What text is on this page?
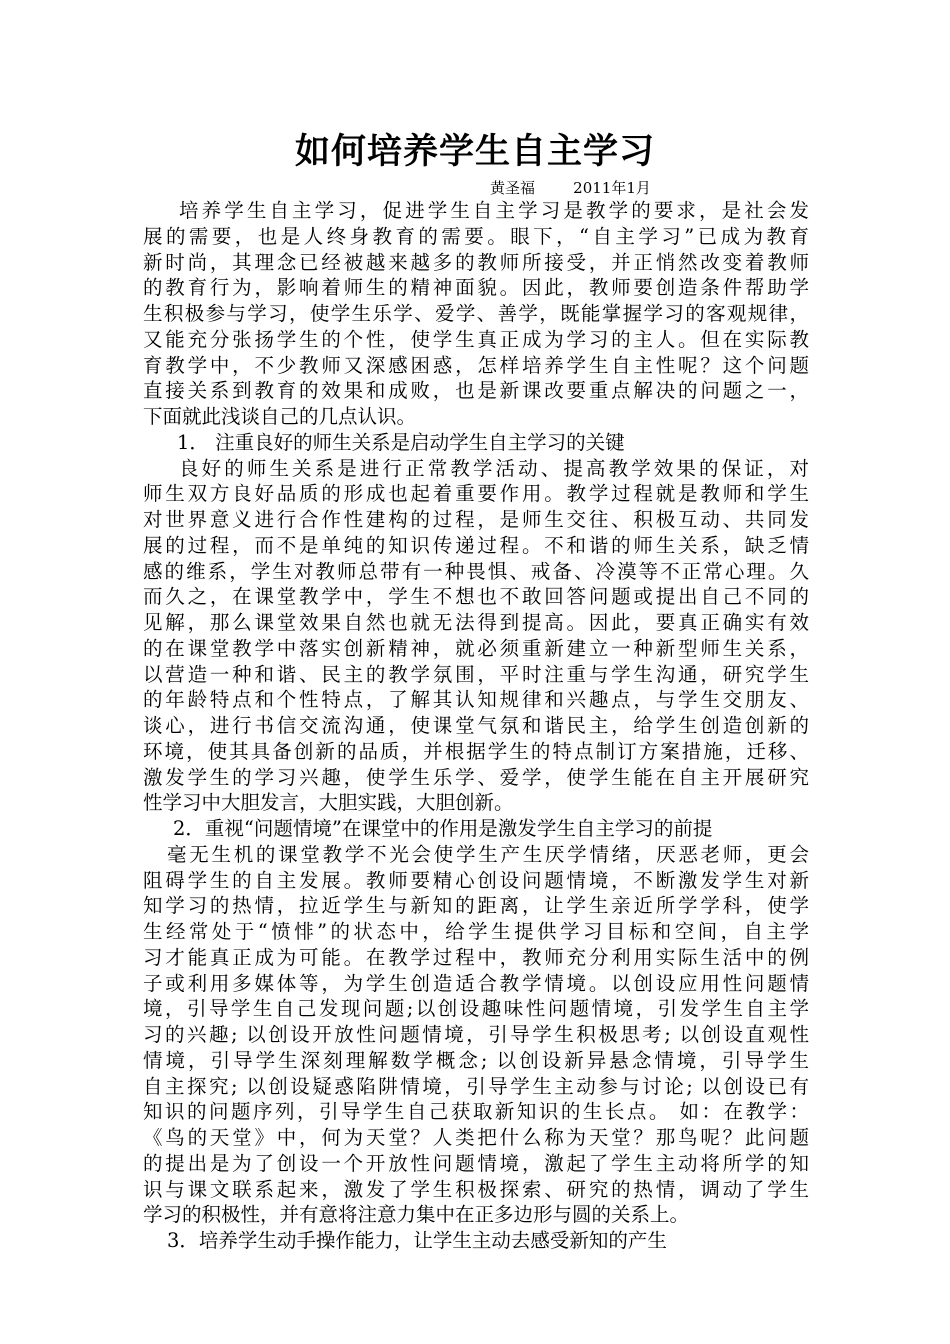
如何培养学生自主学习
黄圣福	2011年1月
培养学生自主学习，促进学生自主学习是教学的要求，是社会发
展的需要，也是人终身教育的需要。眼下，“自主学习”已成为教育
新时尚，其理念已经被越来越多的教师所接受，并正悄然改变着教师
的教育行为，影响着师生的精神面貌。因此，教师要创造条件帮助学
生积极参与学习，使学生乐学、爱学、善学，既能掌握学习的客观规律，
又能充分张扬学生的个性，使学生真正成为学习的主人。但在实际教
育教学中，不少教师又深感困惑，怎样培养学生自主性呢？这个问题
直接关系到教育的效果和成败，也是新课改要重点解决的问题之一，
下面就此浅谈自己的几点认识。
1． 注重良好的师生关系是启动学生自主学习的关键
良好的师生关系是进行正常教学活动、提高教学效果的保证，对
师生双方良好品质的形成也起着重要作用。教学过程就是教师和学生
对世界意义进行合作性建构的过程，是师生交往、积极互动、共同发
展的过程，而不是单纯的知识传递过程。不和谐的师生关系，缺乏情
感的维系，学生对教师总带有一种畏惧、戒备、冷漠等不正常心理。久
而久之，在课堂教学中，学生不想也不敢回答问题或提出自己不同的
见解，那么课堂效果自然也就无法得到提高。因此，要真正确实有效
的在课堂教学中落实创新精神，就必须重新建立一种新型师生关系，
以营造一种和谐、民主的教学氛围，平时注重与学生沟通，研究学生
的年龄特点和个性特点，了解其认知规律和兴趣点，与学生交朋友、
谈心，进行书信交流沟通，使课堂气氛和谐民主，给学生创造创新的
环境，使其具备创新的品质，并根据学生的特点制订方案措施，迁移、
激发学生的学习兴趣，使学生乐学、爱学，使学生能在自主开展研究
性学习中大胆发言，大胆实践，大胆创新。
2．重视“问题情境”在课堂中的作用是激发学生自主学习的前提
毫无生机的课堂教学不光会使学生产生厌学情绪，厌恶老师，更会
阻碍学生的自主发展。教师要精心创设问题情境，不断激发学生对新
知学习的热情，拉近学生与新知的距离，让学生亲近所学学科，使学
生经常处于“愤悱”的状态中，给学生提供学习目标和空间，自主学
习才能真正成为可能。在教学过程中，教师充分利用实际生活中的例
子或利用多媒体等，为学生创造适合教学情境。以创设应用性问题情
境，引导学生自己发现问题;以创设趣味性问题情境，引发学生自主学
习的兴趣; 以创设开放性问题情境，引导学生积极思考; 以创设直观性
情境，引导学生深刻理解数学概念; 以创设新异悬念情境，引导学生
自主探究; 以创设疑惑陷阱情境，引导学生主动参与讨论; 以创设已有
知识的问题序列，引导学生自己获取新知识的生长点。 如：在教学：
《鸟的天堂》中，何为天堂？人类把什么称为天堂？那鸟呢？此问题
的提出是为了创设一个开放性问题情境，激起了学生主动将所学的知
识与课文联系起来，激发了学生积极探索、研究的热情，调动了学生
学习的积极性，并有意将注意力集中在正多边形与圆的关系上。
3．培养学生动手操作能力，让学生主动去感受新知的产生
